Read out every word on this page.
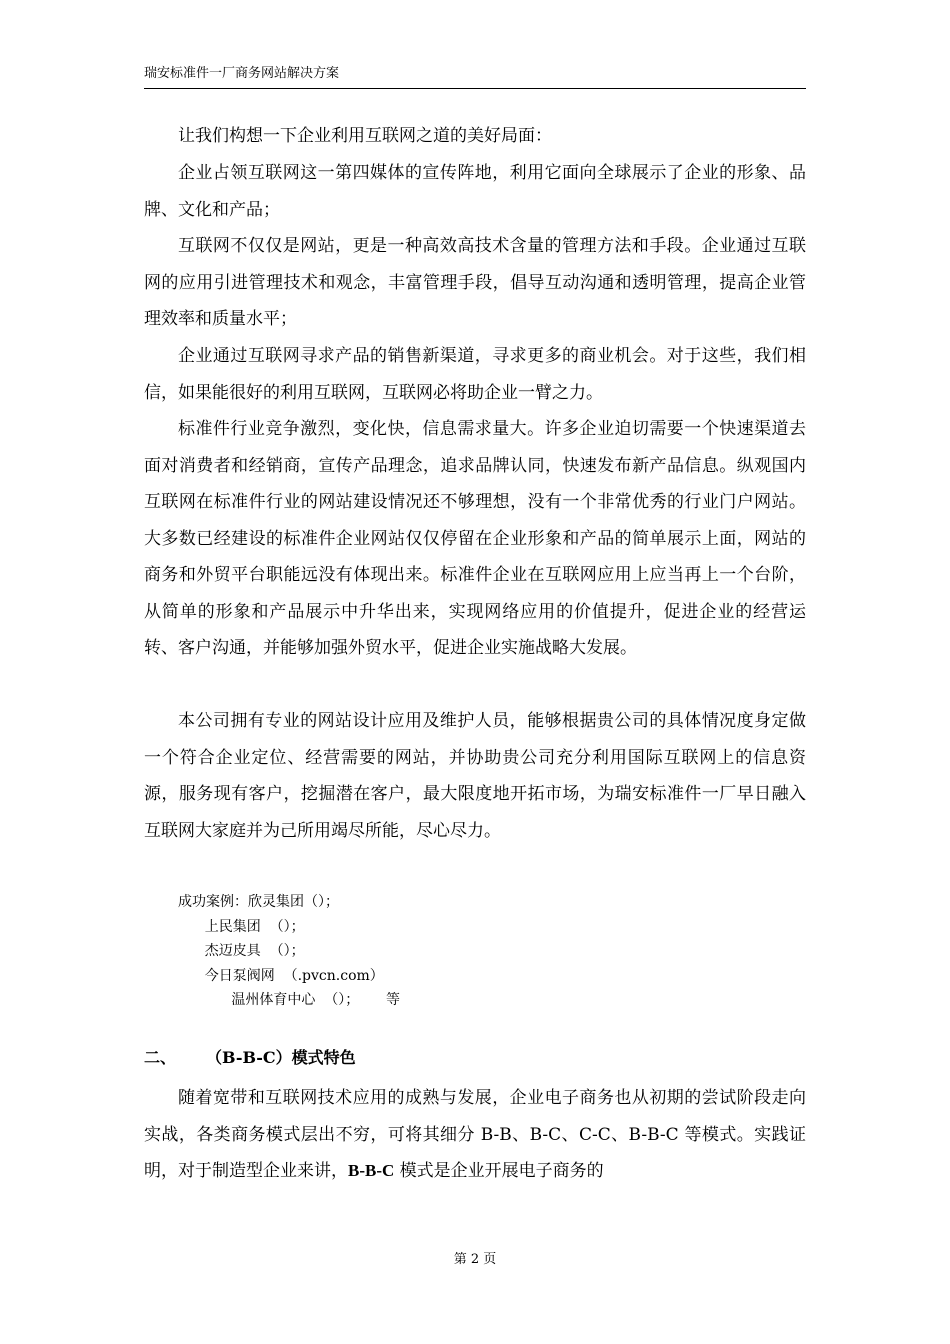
瑞安标准件一厂商务网站解决方案

让我们构想一下企业利用互联网之道的美好局面：

企业占领互联网这一第四媒体的宣传阵地，利用它面向全球展示了企业的形象、品牌、文化和产品；

互联网不仅仅是网站，更是一种高效高技术含量的管理方法和手段。企业通过互联网的应用引进管理技术和观念，丰富管理手段，倡导互动沟通和透明管理，提高企业管理效率和质量水平；

企业通过互联网寻求产品的销售新渠道，寻求更多的商业机会。对于这些，我们相信，如果能很好的利用互联网，互联网必将助企业一臂之力。

标准件行业竞争激烈，变化快，信息需求量大。许多企业迫切需要一个快速渠道去面对消费者和经销商，宣传产品理念，追求品牌认同，快速发布新产品信息。纵观国内互联网在标准件行业的网站建设情况还不够理想，没有一个非常优秀的行业门户网站。大多数已经建设的标准件企业网站仅仅停留在企业形象和产品的简单展示上面，网站的商务和外贸平台职能远没有体现出来。标准件企业在互联网应用上应当再上一个台阶，从简单的形象和产品展示中升华出来，实现网络应用的价值提升，促进企业的经营运转、客户沟通，并能够加强外贸水平，促进企业实施战略大发展。

本公司拥有专业的网站设计应用及维护人员，能够根据贵公司的具体情况度身定做一个符合企业定位、经营需要的网站，并协助贵公司充分利用国际互联网上的信息资源，服务现有客户，挖掘潜在客户，最大限度地开拓市场，为瑞安标准件一厂早日融入互联网大家庭并为己所用竭尽所能，尽心尽力。

成功案例：欣灵集团（）；
上民集团  （）；
杰迈皮具  （）；
今日泵阀网  （.pvcn.com）
温州体育中心  （）；      等
二、 （B-B-C）模式特色

随着宽带和互联网技术应用的成熟与发展，企业电子商务也从初期的尝试阶段走向实战，各类商务模式层出不穷，可将其细分 B-B、B-C、C-C、B-B-C 等模式。实践证明，对于制造型企业来讲，B-B-C 模式是企业开展电子商务的

第 2 页
